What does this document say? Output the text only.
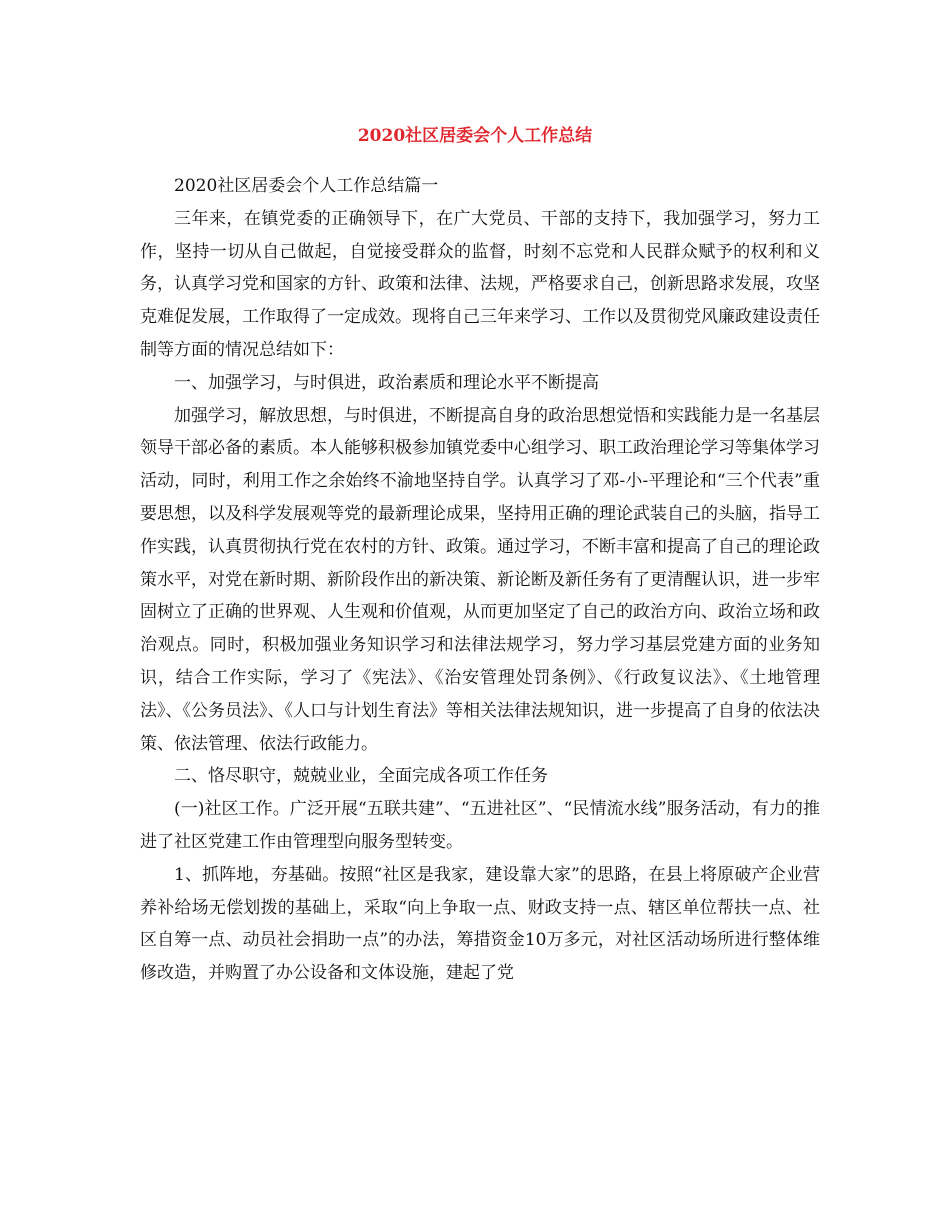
2020社区居委会个人工作总结

2020社区居委会个人工作总结篇一

三年来，在镇党委的正确领导下，在广大党员、干部的支持下，我加强学习，努力工作，坚持一切从自己做起，自觉接受群众的监督，时刻不忘党和人民群众赋予的权利和义务，认真学习党和国家的方针、政策和法律、法规，严格要求自己，创新思路求发展，攻坚克难促发展，工作取得了一定成效。现将自己三年来学习、工作以及贯彻党风廉政建设责任制等方面的情况总结如下：

一、加强学习，与时俱进，政治素质和理论水平不断提高

加强学习，解放思想，与时俱进，不断提高自身的政治思想觉悟和实践能力是一名基层领导干部必备的素质。本人能够积极参加镇党委中心组学习、职工政治理论学习等集体学习活动，同时，利用工作之余始终不渝地坚持自学。认真学习了邓-小-平理论和“三个代表”重要思想，以及科学发展观等党的最新理论成果，坚持用正确的理论武装自己的头脑，指导工作实践，认真贯彻执行党在农村的方针、政策。通过学习，不断丰富和提高了自己的理论政策水平，对党在新时期、新阶段作出的新决策、新论断及新任务有了更清醒认识，进一步牢固树立了正确的世界观、人生观和价值观，从而更加坚定了自己的政治方向、政治立场和政治观点。同时，积极加强业务知识学习和法律法规学习，努力学习基层党建方面的业务知识，结合工作实际，学习了《宪法》、《治安管理处罚条例》、《行政复议法》、《土地管理法》、《公务员法》、《人口与计划生育法》等相关法律法规知识，进一步提高了自身的依法决策、依法管理、依法行政能力。

二、恪尽职守，兢兢业业，全面完成各项工作任务

(一)社区工作。广泛开展“五联共建”、“五进社区”、“民情流水线”服务活动，有力的推进了社区党建工作由管理型向服务型转变。

1、抓阵地，夯基础。按照“社区是我家，建设靠大家”的思路，在县上将原破产企业营养补给场无偿划拨的基础上，采取“向上争取一点、财政支持一点、辖区单位帮扶一点、社区自筹一点、动员社会捐助一点”的办法，筹措资金10万多元，对社区活动场所进行整体维修改造，并购置了办公设备和文体设施，建起了党
